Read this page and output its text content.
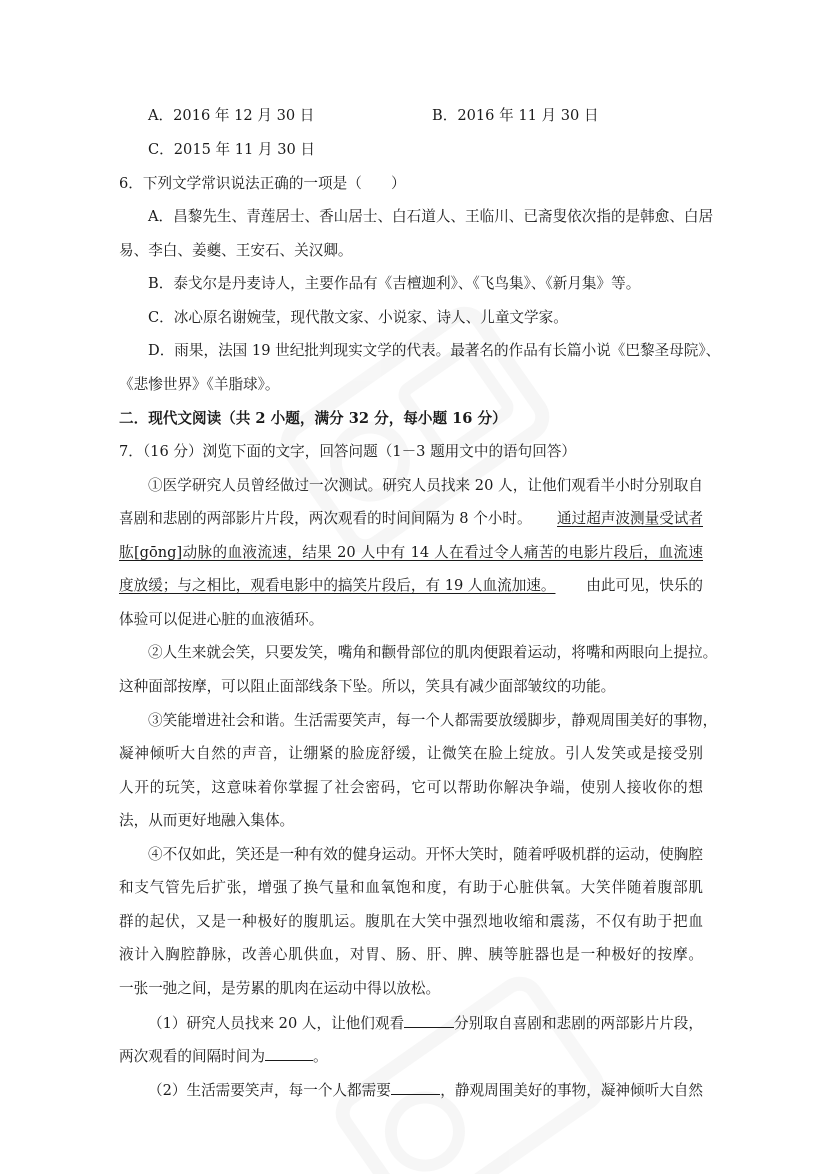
A．2016 年 12 月 30 日	B．2016 年 11 月 30 日
C．2015 年 11 月 30 日
6．下列文学常识说法正确的一项是（　　）
A．昌黎先生、青莲居士、香山居士、白石道人、王临川、已斋叟依次指的是韩愈、白居
易、李白、姜夔、王安石、关汉卿。
B．泰戈尔是丹麦诗人，主要作品有《吉檀迦利》、《飞鸟集》、《新月集》等。
C．冰心原名谢婉莹，现代散文家、小说家、诗人、儿童文学家。
D．雨果，法国 19 世纪批判现实文学的代表。最著名的作品有长篇小说《巴黎圣母院》、
《悲惨世界》《羊脂球》。
二．现代文阅读（共 2 小题，满分 32 分，每小题 16 分）
7．（16 分）浏览下面的文字，回答问题（1－3 题用文中的语句回答）
①医学研究人员曾经做过一次测试。研究人员找来 20 人，让他们观看半小时分别取自
喜剧和悲剧的两部影片片段，两次观看的时间间隔为 8 个小时。 通过超声波测量受试者
肱[gōng]动脉的血液流速，结果 20 人中有 14 人在看过令人痛苦的电影片段后，血流速
度放缓；与之相比，观看电影中的搞笑片段后，有 19 人血流加速。 由此可见，快乐的
体验可以促进心脏的血液循环。
②人生来就会笑，只要发笑，嘴角和颧骨部位的肌肉便跟着运动，将嘴和两眼向上提拉。
这种面部按摩，可以阻止面部线条下坠。所以，笑具有减少面部皱纹的功能。
③笑能增进社会和谐。生活需要笑声，每一个人都需要放缓脚步，静观周围美好的事物，
凝神倾听大自然的声音，让绷紧的脸庞舒缓，让微笑在脸上绽放。引人发笑或是接受别
人开的玩笑，这意味着你掌握了社会密码，它可以帮助你解决争端，使别人接收你的想
法，从而更好地融入集体。
④不仅如此，笑还是一种有效的健身运动。开怀大笑时，随着呼吸机群的运动，使胸腔
和支气管先后扩张，增强了换气量和血氧饱和度，有助于心脏供氧。大笑伴随着腹部肌
群的起伏，又是一种极好的腹肌运。腹肌在大笑中强烈地收缩和震荡，不仅有助于把血
液计入胸腔静脉，改善心肌供血，对胃、肠、肝、脾、胰等脏器也是一种极好的按摩。
一张一弛之间，是劳累的肌肉在运动中得以放松。
（1）研究人员找来 20 人，让他们观看	分别取自喜剧和悲剧的两部影片片段，
两次观看的间隔时间为	。
（2）生活需要笑声，每一个人都需要	，静观周围美好的事物，凝神倾听大自然
